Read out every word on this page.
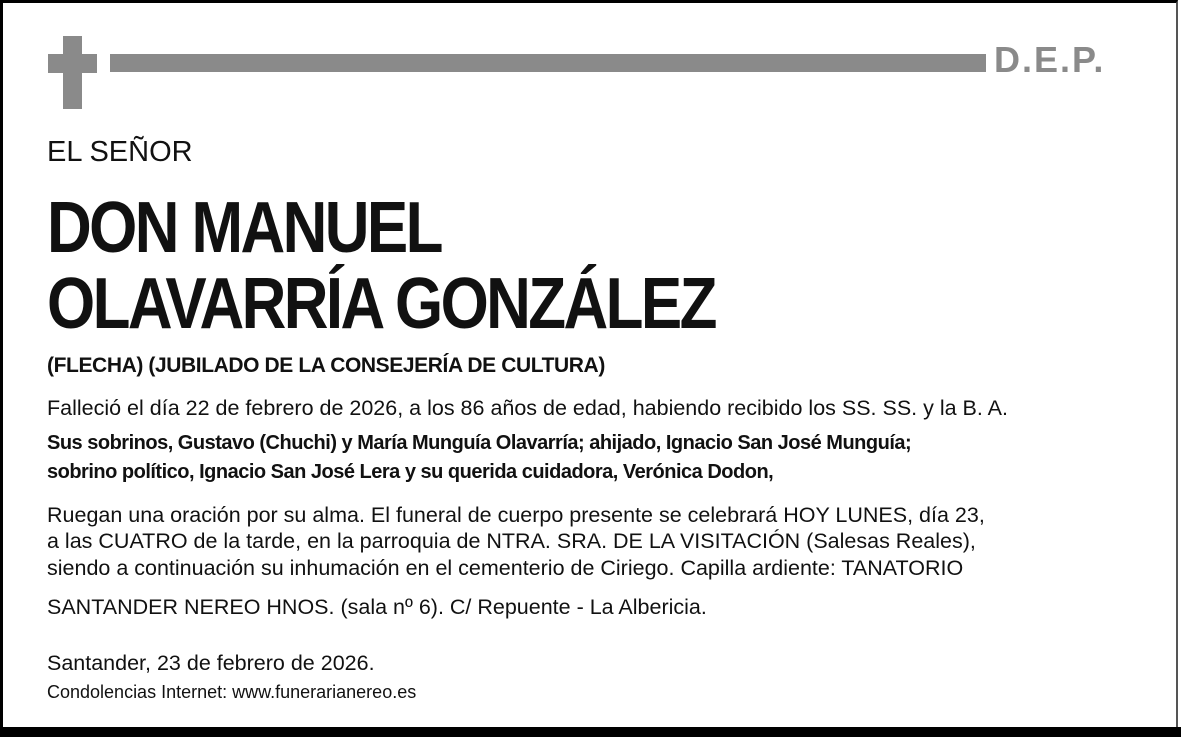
D.E.P.
EL SEÑOR
DON MANUEL
OLAVARRÍA GONZÁLEZ
(FLECHA) (JUBILADO DE LA CONSEJERÍA DE CULTURA)
Falleció el día 22 de febrero de 2026, a los 86 años de edad, habiendo recibido los SS. SS. y la B. A.
Sus sobrinos, Gustavo (Chuchi) y María Munguía Olavarría; ahijado, Ignacio San José Munguía;
sobrino político, Ignacio San José Lera y su querida cuidadora, Verónica Dodon,
Ruegan una oración por su alma. El funeral de cuerpo presente se celebrará HOY LUNES, día 23,
a las CUATRO de la tarde, en la parroquia de NTRA. SRA. DE LA VISITACIÓN (Salesas Reales),
siendo a continuación su inhumación en el cementerio de Ciriego. Capilla ardiente: TANATORIO
SANTANDER NEREO HNOS. (sala nº 6). C/ Repuente - La Albericia.
Santander, 23 de febrero de 2026.
Condolencias Internet: www.funerarianereo.es
